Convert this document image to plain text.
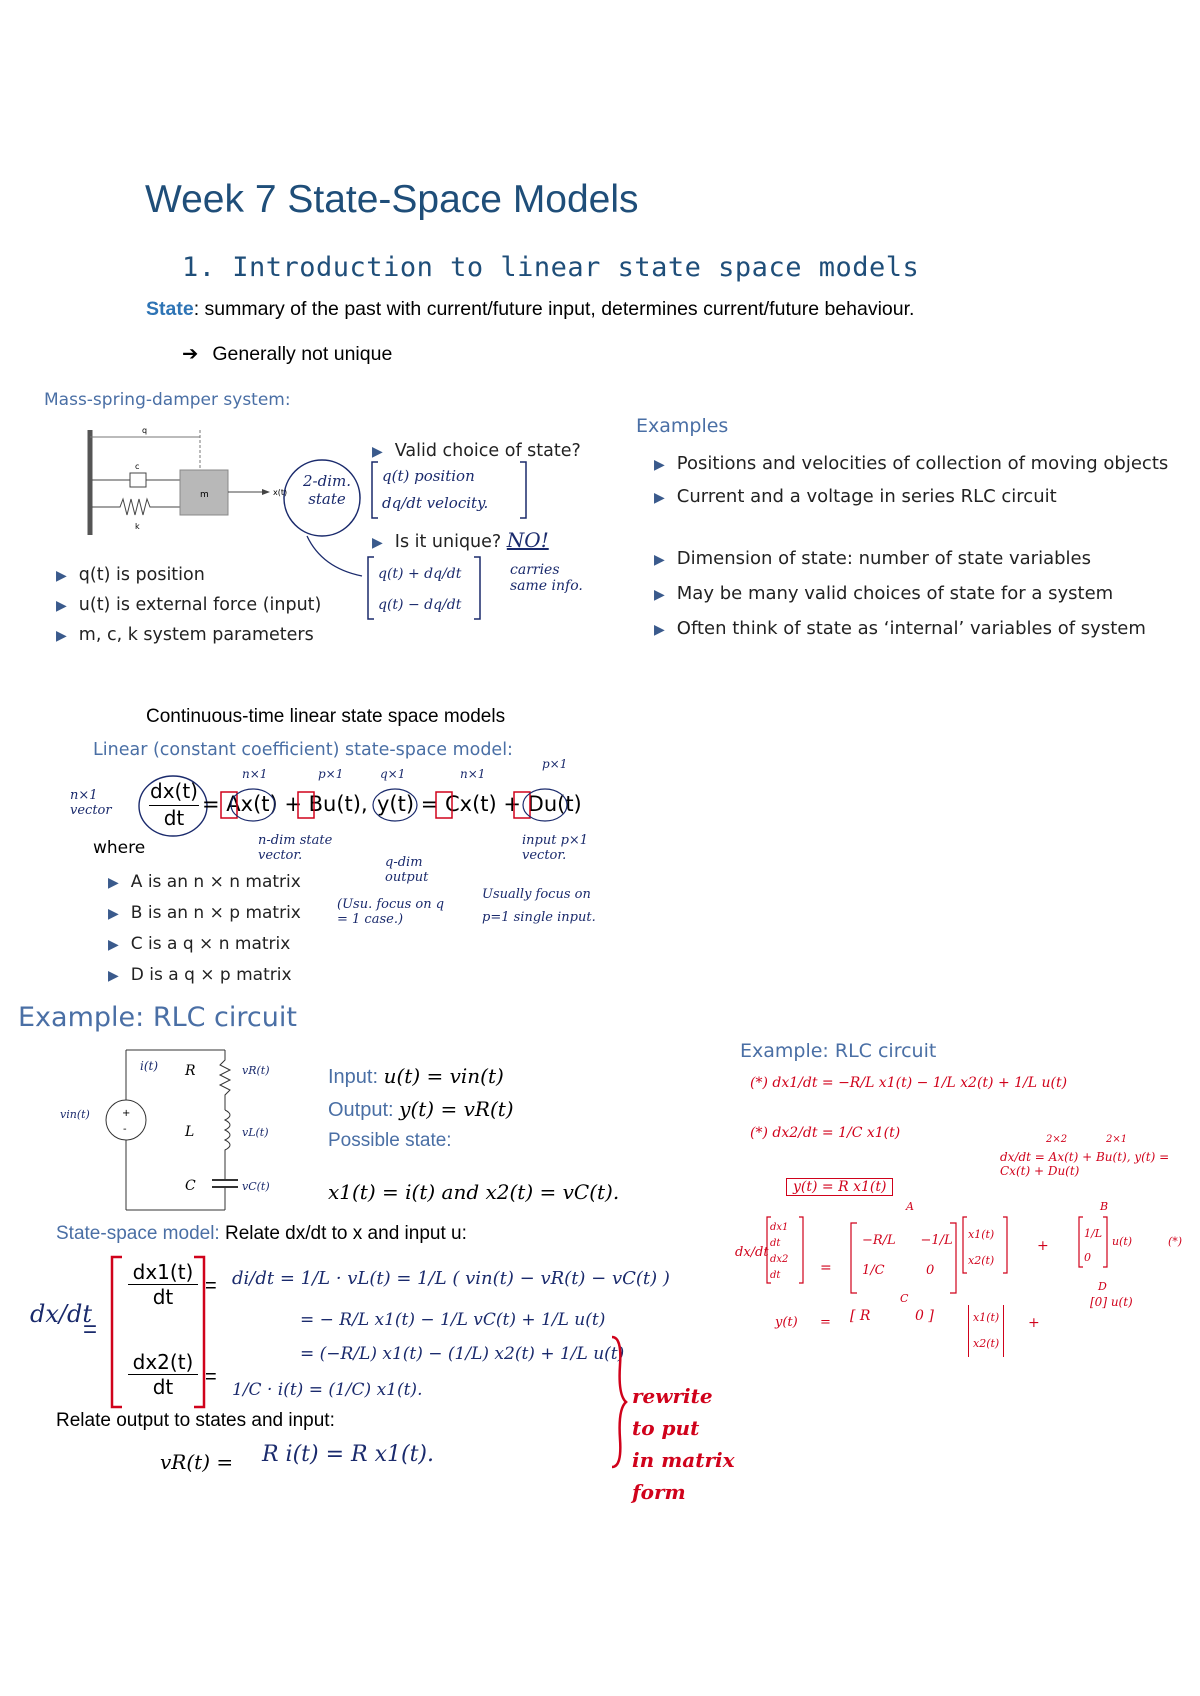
Week 7 State-Space Models
1. Introduction to linear state space models
State: summary of the past with current/future input, determines current/future behaviour.
➔ Generally not unique
Mass-spring-damper system:
q
c
k
m	x(t)
▶ q(t) is position
▶ u(t) is external force (input)
▶ m, c, k system parameters
▶ Valid choice of state?
▶ Is it unique? NO!
2-dim. state
q(t) position
dq/dt velocity.
q(t) + dq/dt
q(t) − dq/dt
carries same info.
Examples
▶ Positions and velocities of collection of moving objects
▶ Current and a voltage in series RLC circuit
▶ Dimension of state: number of state variables
▶ May be many valid choices of state for a system
▶ Often think of state as ‘internal’ variables of system
Continuous-time linear state space models
Linear (constant coefficient) state-space model:
n×1 vector $\frac{dx(t)}{dt} = Ax(t) + Bu(t)$, y(t) = Cx(t) + Du(t)
n×1	p×1	q×1	n×1
p×1
where	n-dim state vector.	q-dim output
(Usu. focus on q = 1 case.)
input p×1 vector.
Usually focus on
p=1 single input.
▶ A is an n × n matrix
▶ B is an n × p matrix
▶ C is a q × n matrix
▶ D is a q × p matrix
Example: RLC circuit
+
-
R
L
C
i(t)
vin(t)
vR(t)
vL(t)
vC(t)
Input: u(t) = vin(t)
Output: y(t) = vR(t)
Possible state:
x1(t) = i(t) and x2(t) = vC(t).
State-space model: Relate dx/dt to x and input u:
dx/dt
=
$\frac{dx1(t)}{dt}$
$\frac{dx2(t)}{dt}$
=
=
di/dt = 1/L · vL(t) = 1/L ( vin(t) − vR(t) − vC(t) )
= − R/L x1(t) − 1/L vC(t) + 1/L u(t)
= (−R/L) x1(t) − (1/L) x2(t) + 1/L u(t)
1/C · i(t) = (1/C) x1(t).	rewrite
to put
in matrix
form
Relate output to states and input:
vR(t) = R i(t) = R x1(t).
Example: RLC circuit
(*) dx1/dt = −R/L x1(t) − 1/L x2(t) + 1/L u(t)
(*) dx2/dt = 1/C x1(t)
y(t) = R x1(t)
dx/dt = Ax(t) + Bu(t), y(t) = Cx(t) + Du(t)
2×2	2×1
A	B
dx/dt
=
dx1
dt
dx2
dt
−R/L −1/L
1/C	0
x1(t)
x2(t)
+
1/L
0
u(t)	(*)
y(t) =
C
[ R	0 ]	x1(t)
x2(t)
+
D
[0] u(t)
